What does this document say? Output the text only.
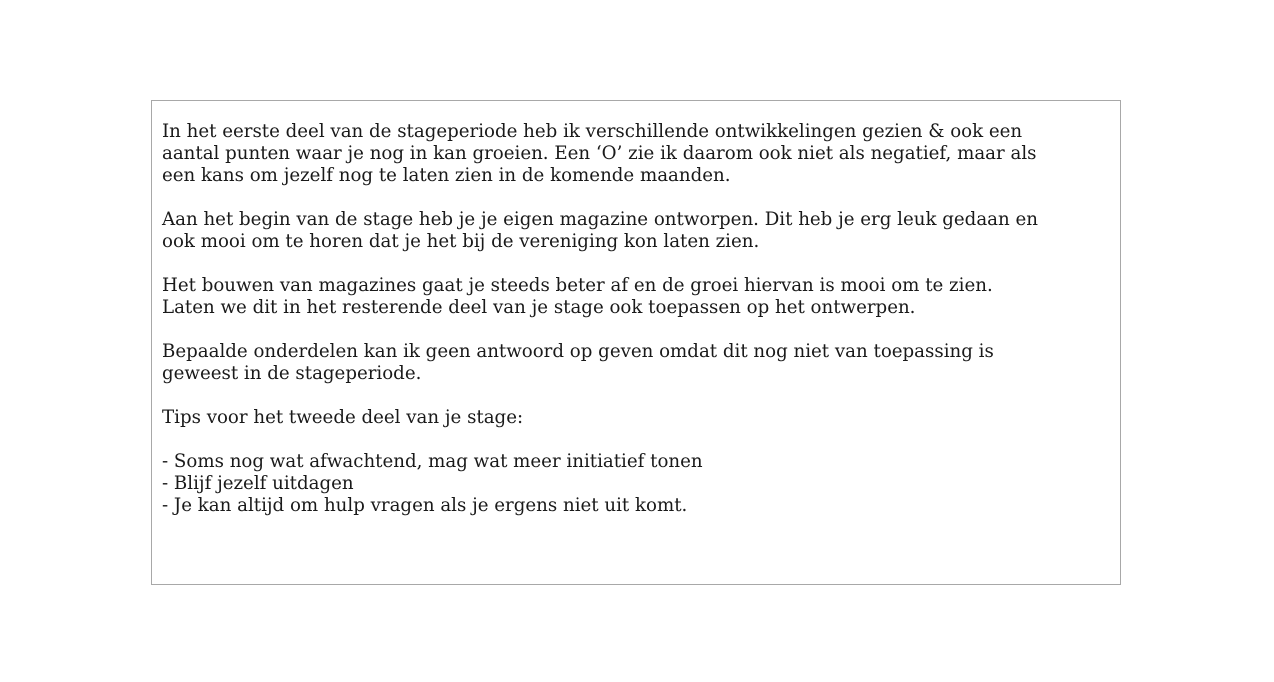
In het eerste deel van de stageperiode heb ik verschillende ontwikkelingen gezien & ook een
aantal punten waar je nog in kan groeien. Een ‘O’ zie ik daarom ook niet als negatief, maar als
een kans om jezelf nog te laten zien in de komende maanden.

Aan het begin van de stage heb je je eigen magazine ontworpen. Dit heb je erg leuk gedaan en
ook mooi om te horen dat je het bij de vereniging kon laten zien.

Het bouwen van magazines gaat je steeds beter af en de groei hiervan is mooi om te zien.
Laten we dit in het resterende deel van je stage ook toepassen op het ontwerpen.

Bepaalde onderdelen kan ik geen antwoord op geven omdat dit nog niet van toepassing is
geweest in de stageperiode.

Tips voor het tweede deel van je stage:

- Soms nog wat afwachtend, mag wat meer initiatief tonen
- Blijf jezelf uitdagen
- Je kan altijd om hulp vragen als je ergens niet uit komt.
